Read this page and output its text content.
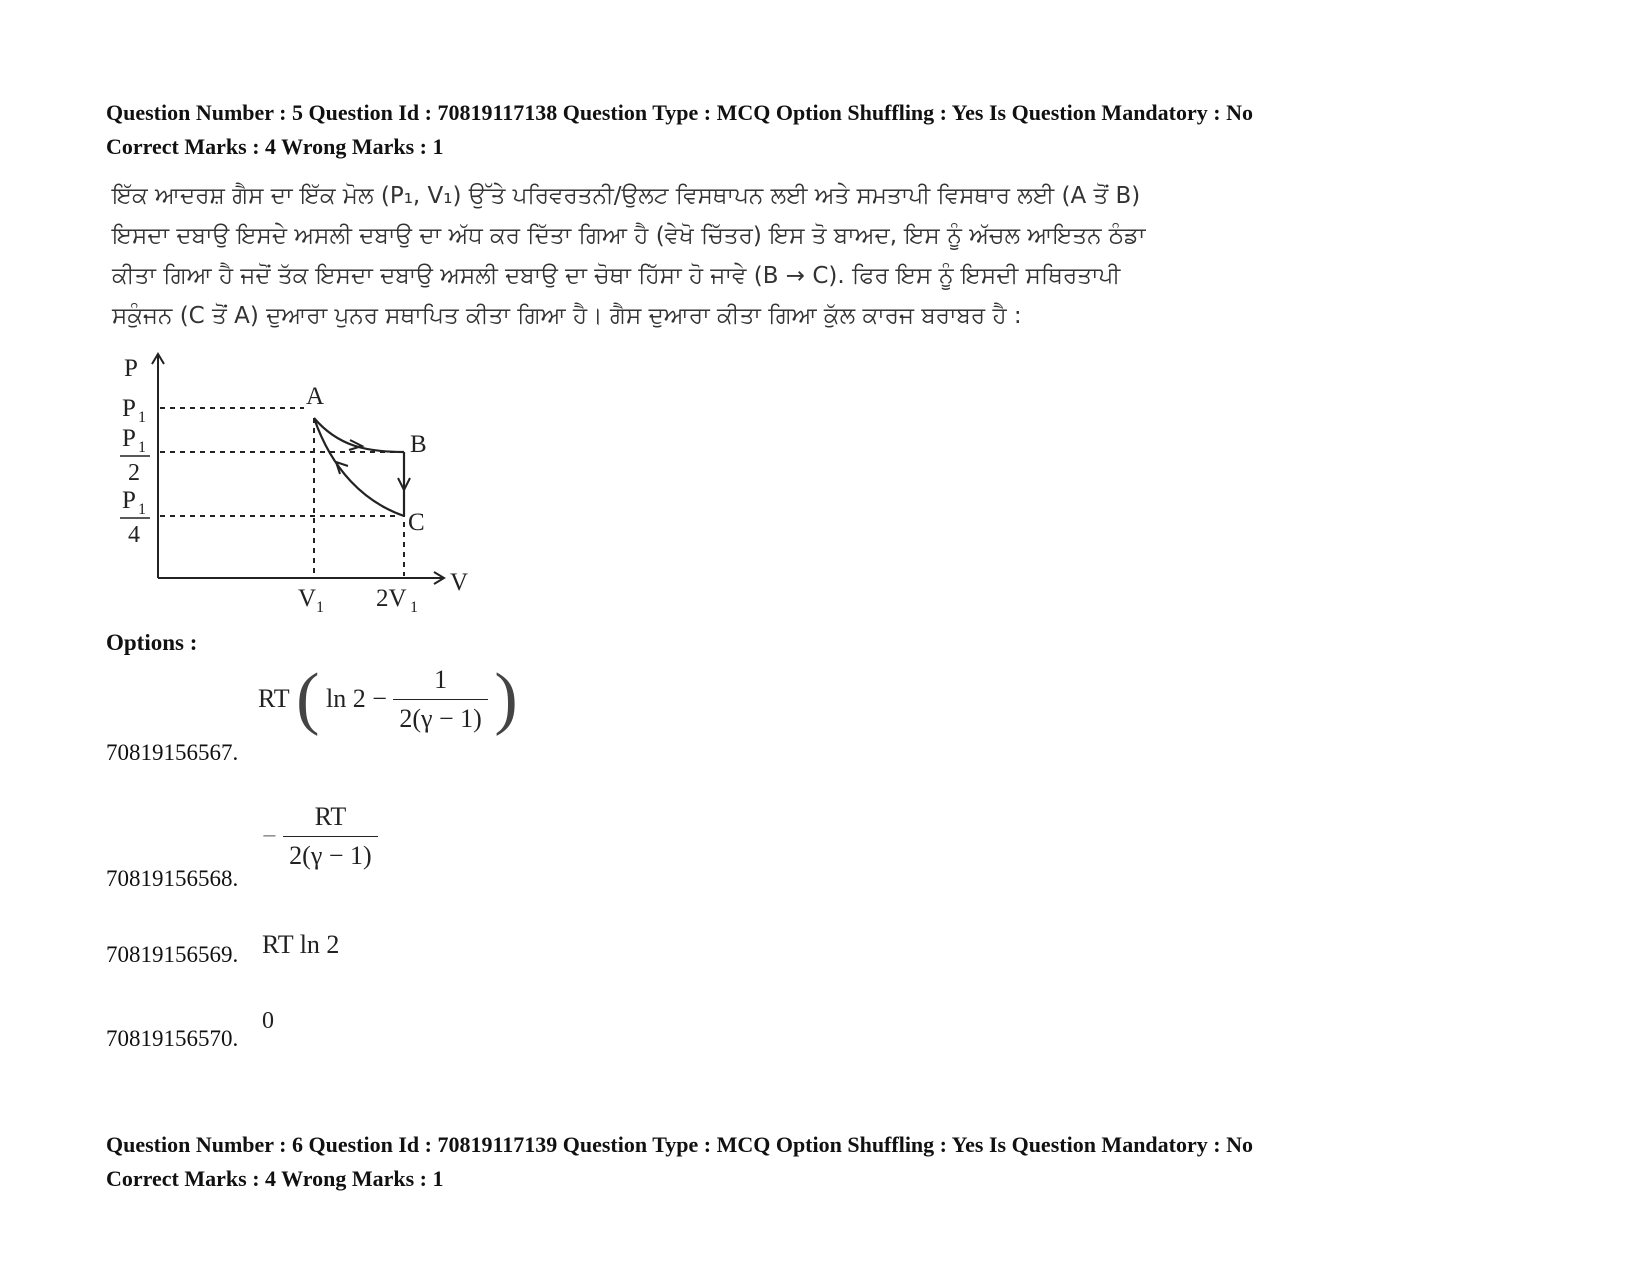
Question Number : 5 Question Id : 70819117138 Question Type : MCQ Option Shuffling : Yes Is Question Mandatory : No
Correct Marks : 4 Wrong Marks : 1
ਇੱਕ ਆਦਰਸ਼ ਗੈਸ ਦਾ ਇੱਕ ਮੋਲ (P₁, V₁) ਉੱਤੇ ਪਰਿਵਰਤਨੀ/ਉਲਟ ਵਿਸਥਾਪਨ ਲਈ ਅਤੇ ਸਮਤਾਪੀ ਵਿਸਥਾਰ ਲਈ (A ਤੋਂ B)
ਇਸਦਾ ਦਬਾਉ ਇਸਦੇ ਅਸਲੀ ਦਬਾਉ ਦਾ ਅੱਧ ਕਰ ਦਿੱਤਾ ਗਿਆ ਹੈ (ਵੇਖੋ ਚਿੱਤਰ) ਇਸ ਤੋ ਬਾਅਦ, ਇਸ ਨੂੰ ਅੱਚਲ ਆਇਤਨ ਠੰਡਾ
ਕੀਤਾ ਗਿਆ ਹੈ ਜਦੋਂ ਤੱਕ ਇਸਦਾ ਦਬਾਉ ਅਸਲੀ ਦਬਾਉ ਦਾ ਚੋਥਾ ਹਿੱਸਾ ਹੋ ਜਾਵੇ (B → C). ਫਿਰ ਇਸ ਨੂੰ ਇਸਦੀ ਸਥਿਰਤਾਪੀ
ਸਕੁੰਜਨ (C ਤੋਂ A) ਦੁਆਰਾ ਪੁਨਰ ਸਥਾਪਿਤ ਕੀਤਾ ਗਿਆ ਹੈ। ਗੈਸ ਦੁਆਰਾ ਕੀਤਾ ਗਿਆ ਕੁੱਲ ਕਾਰਜ ਬਰਾਬਰ ਹੈ :
P
V
P 1
P 1
2
P 1
4
A
B
C
V 1 2V 1
Options :
70819156567.
RT ( $\ln 2 - \frac{1}{2(\gamma - 1)}$ )
70819156568.
− $\frac{RT}{2(\gamma - 1)}$
70819156569. RT ln 2
70819156570.
0
Question Number : 6 Question Id : 70819117139 Question Type : MCQ Option Shuffling : Yes Is Question Mandatory : No
Correct Marks : 4 Wrong Marks : 1
